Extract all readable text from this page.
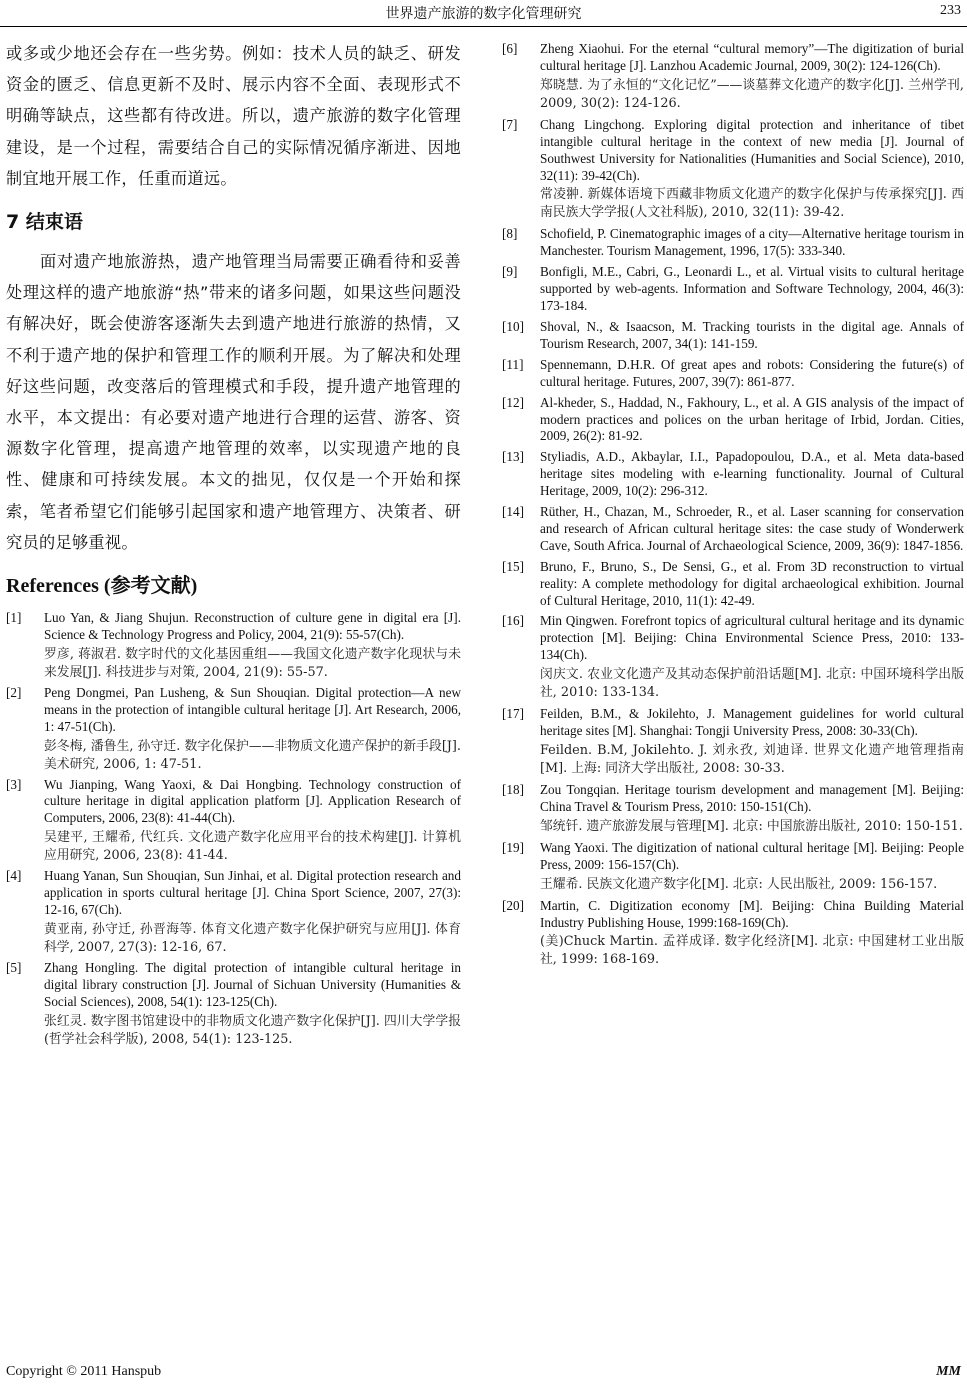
世界遗产旅游的数字化管理研究	233

或多或少地还会存在一些劣势。例如：技术人员的缺乏、研发资金的匮乏、信息更新不及时、展示内容不全面、表现形式不明确等缺点，这些都有待改进。所以，遗产旅游的数字化管理建设，是一个过程，需要结合自己的实际情况循序渐进、因地制宜地开展工作，任重而道远。

7 结束语

面对遗产地旅游热，遗产地管理当局需要正确看待和妥善处理这样的遗产地旅游“热”带来的诸多问题，如果这些问题没有解决好，既会使游客逐渐失去到遗产地进行旅游的热情，又不利于遗产地的保护和管理工作的顺利开展。为了解决和处理好这些问题，改变落后的管理模式和手段，提升遗产地管理的水平，本文提出：有必要对遗产地进行合理的运营、游客、资源数字化管理，提高遗产地管理的效率，以实现遗产地的良性、健康和可持续发展。本文的拙见，仅仅是一个开始和探索，笔者希望它们能够引起国家和遗产地管理方、决策者、研究员的足够重视。

References (参考文献)
[1]	Luo Yan, & Jiang Shujun. Reconstruction of culture gene in digital era [J]. Science & Technology Progress and Policy, 2004, 21(9): 55-57(Ch).
罗彦, 蒋淑君. 数字时代的文化基因重组——我国文化遗产数字化现状与未来发展[J]. 科技进步与对策, 2004, 21(9): 55-57.
[2]	Peng Dongmei, Pan Lusheng, & Sun Shouqian. Digital protection—A new means in the protection of intangible cultural heritage [J]. Art Research, 2006, 1: 47-51(Ch).
彭冬梅, 潘鲁生, 孙守迁. 数字化保护——非物质文化遗产保护的新手段[J]. 美术研究, 2006, 1: 47-51.
[3]	Wu Jianping, Wang Yaoxi, & Dai Hongbing. Technology construction of culture heritage in digital application platform [J]. Application Research of Computers, 2006, 23(8): 41-44(Ch).
吴建平, 王耀希, 代红兵. 文化遗产数字化应用平台的技术构建[J]. 计算机应用研究, 2006, 23(8): 41-44.
[4]	Huang Yanan, Sun Shouqian, Sun Jinhai, et al. Digital protection research and application in sports cultural heritage [J]. China Sport Science, 2007, 27(3): 12-16, 67(Ch).
黄亚南, 孙守迁, 孙晋海等. 体育文化遗产数字化保护研究与应用[J]. 体育科学, 2007, 27(3): 12-16, 67.
[5]	Zhang Hongling. The digital protection of intangible cultural heritage in digital library construction [J]. Journal of Sichuan University (Humanities & Social Sciences), 2008, 54(1): 123-125(Ch).
张红灵. 数字图书馆建设中的非物质文化遗产数字化保护[J]. 四川大学学报(哲学社会科学版), 2008, 54(1): 123-125.
[6]	Zheng Xiaohui. For the eternal “cultural memory”—The digitization of burial cultural heritage [J]. Lanzhou Academic Journal, 2009, 30(2): 124-126(Ch).
郑晓慧. 为了永恒的“文化记忆”——谈墓葬文化遗产的数字化[J]. 兰州学刊, 2009, 30(2): 124-126.
[7]	Chang Lingchong. Exploring digital protection and inheritance of tibet intangible cultural heritage in the context of new media [J]. Journal of Southwest University for Nationalities (Humanities and Social Science), 2010, 32(11): 39-42(Ch).
常凌翀. 新媒体语境下西藏非物质文化遗产的数字化保护与传承探究[J]. 西南民族大学学报(人文社科版), 2010, 32(11): 39-42.
[8]	Schofield, P. Cinematographic images of a city—Alternative heritage tourism in Manchester. Tourism Management, 1996, 17(5): 333-340.
[9]	Bonfigli, M.E., Cabri, G., Leonardi L., et al. Virtual visits to cultural heritage supported by web-agents. Information and Software Technology, 2004, 46(3): 173-184.
[10]	Shoval, N., & Isaacson, M. Tracking tourists in the digital age. Annals of Tourism Research, 2007, 34(1): 141-159.
[11]	Spennemann, D.H.R. Of great apes and robots: Considering the future(s) of cultural heritage. Futures, 2007, 39(7): 861-877.
[12]	Al-kheder, S., Haddad, N., Fakhoury, L., et al. A GIS analysis of the impact of modern practices and polices on the urban heritage of Irbid, Jordan. Cities, 2009, 26(2): 81-92.
[13]	Styliadis, A.D., Akbaylar, I.I., Papadopoulou, D.A., et al. Meta data-based heritage sites modeling with e-learning functionality. Journal of Cultural Heritage, 2009, 10(2): 296-312.
[14]	Rüther, H., Chazan, M., Schroeder, R., et al. Laser scanning for conservation and research of African cultural heritage sites: the case study of Wonderwerk Cave, South Africa. Journal of Archaeological Science, 2009, 36(9): 1847-1856.
[15]	Bruno, F., Bruno, S., De Sensi, G., et al. From 3D reconstruction to virtual reality: A complete methodology for digital archaeological exhibition. Journal of Cultural Heritage, 2010, 11(1): 42-49.
[16]	Min Qingwen. Forefront topics of agricultural cultural heritage and its dynamic protection [M]. Beijing: China Environmental Science Press, 2010: 133-134(Ch).
闵庆文. 农业文化遗产及其动态保护前沿话题[M]. 北京: 中国环境科学出版社, 2010: 133-134.
[17]	Feilden, B.M., & Jokilehto, J. Management guidelines for world cultural heritage sites [M]. Shanghai: Tongji University Press, 2008: 30-33(Ch).
Feilden. B.M, Jokilehto. J. 刘永孜, 刘迪译. 世界文化遗产地管理指南[M]. 上海: 同济大学出版社, 2008: 30-33.
[18]	Zou Tongqian. Heritage tourism development and management [M]. Beijing: China Travel & Tourism Press, 2010: 150-151(Ch).
邹统钎. 遗产旅游发展与管理[M]. 北京: 中国旅游出版社, 2010: 150-151.
[19]	Wang Yaoxi. The digitization of national cultural heritage [M]. Beijing: People Press, 2009: 156-157(Ch).
王耀希. 民族文化遗产数字化[M]. 北京: 人民出版社, 2009: 156-157.
[20]	Martin, C. Digitization economy [M]. Beijing: China Building Material Industry Publishing House, 1999:168-169(Ch).
(美)Chuck Martin. 孟祥成译. 数字化经济[M]. 北京: 中国建材工业出版社, 1999: 168-169.
Copyright © 2011 Hanspub	MM
